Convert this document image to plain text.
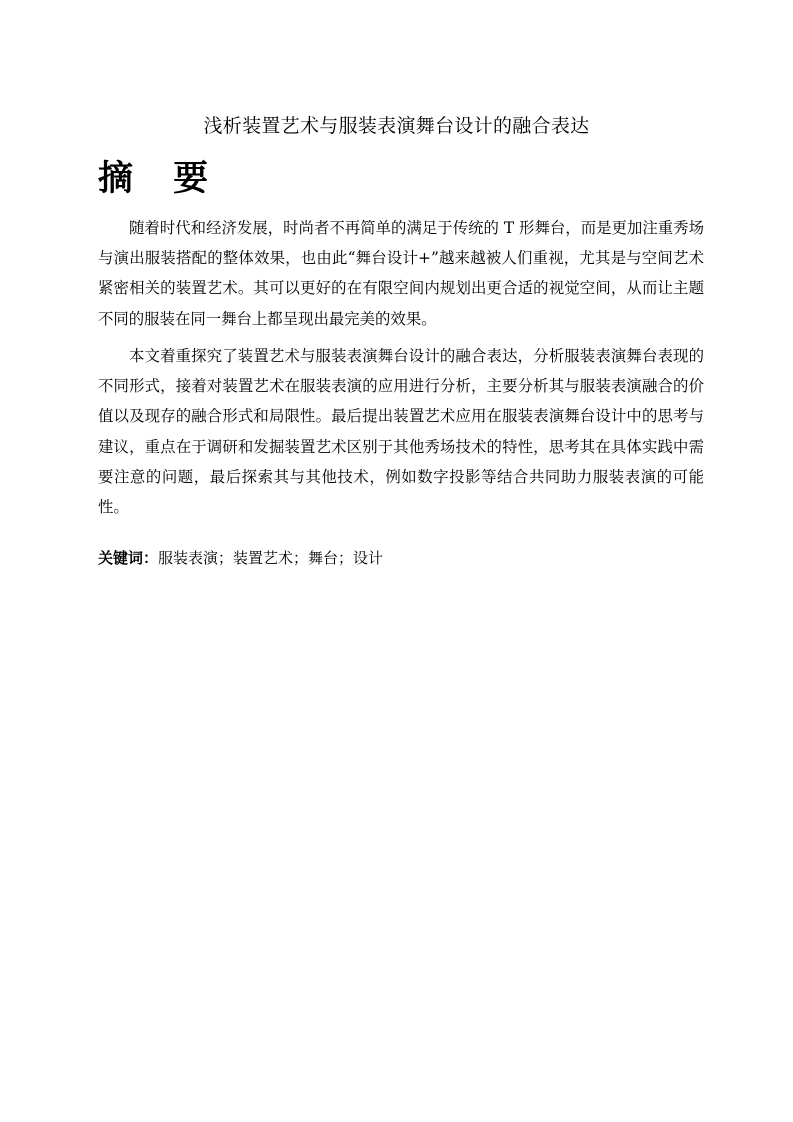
浅析装置艺术与服装表演舞台设计的融合表达
摘 要

随着时代和经济发展，时尚者不再简单的满足于传统的 T 形舞台，而是更加注重秀场与演出服装搭配的整体效果，也由此“舞台设计+”越来越被人们重视，尤其是与空间艺术紧密相关的装置艺术。其可以更好的在有限空间内规划出更合适的视觉空间，从而让主题不同的服装在同一舞台上都呈现出最完美的效果。

本文着重探究了装置艺术与服装表演舞台设计的融合表达，分析服装表演舞台表现的不同形式，接着对装置艺术在服装表演的应用进行分析，主要分析其与服装表演融合的价值以及现存的融合形式和局限性。最后提出装置艺术应用在服装表演舞台设计中的思考与建议，重点在于调研和发掘装置艺术区别于其他秀场技术的特性，思考其在具体实践中需要注意的问题，最后探索其与其他技术，例如数字投影等结合共同助力服装表演的可能性。

关键词：服装表演；装置艺术；舞台；设计
